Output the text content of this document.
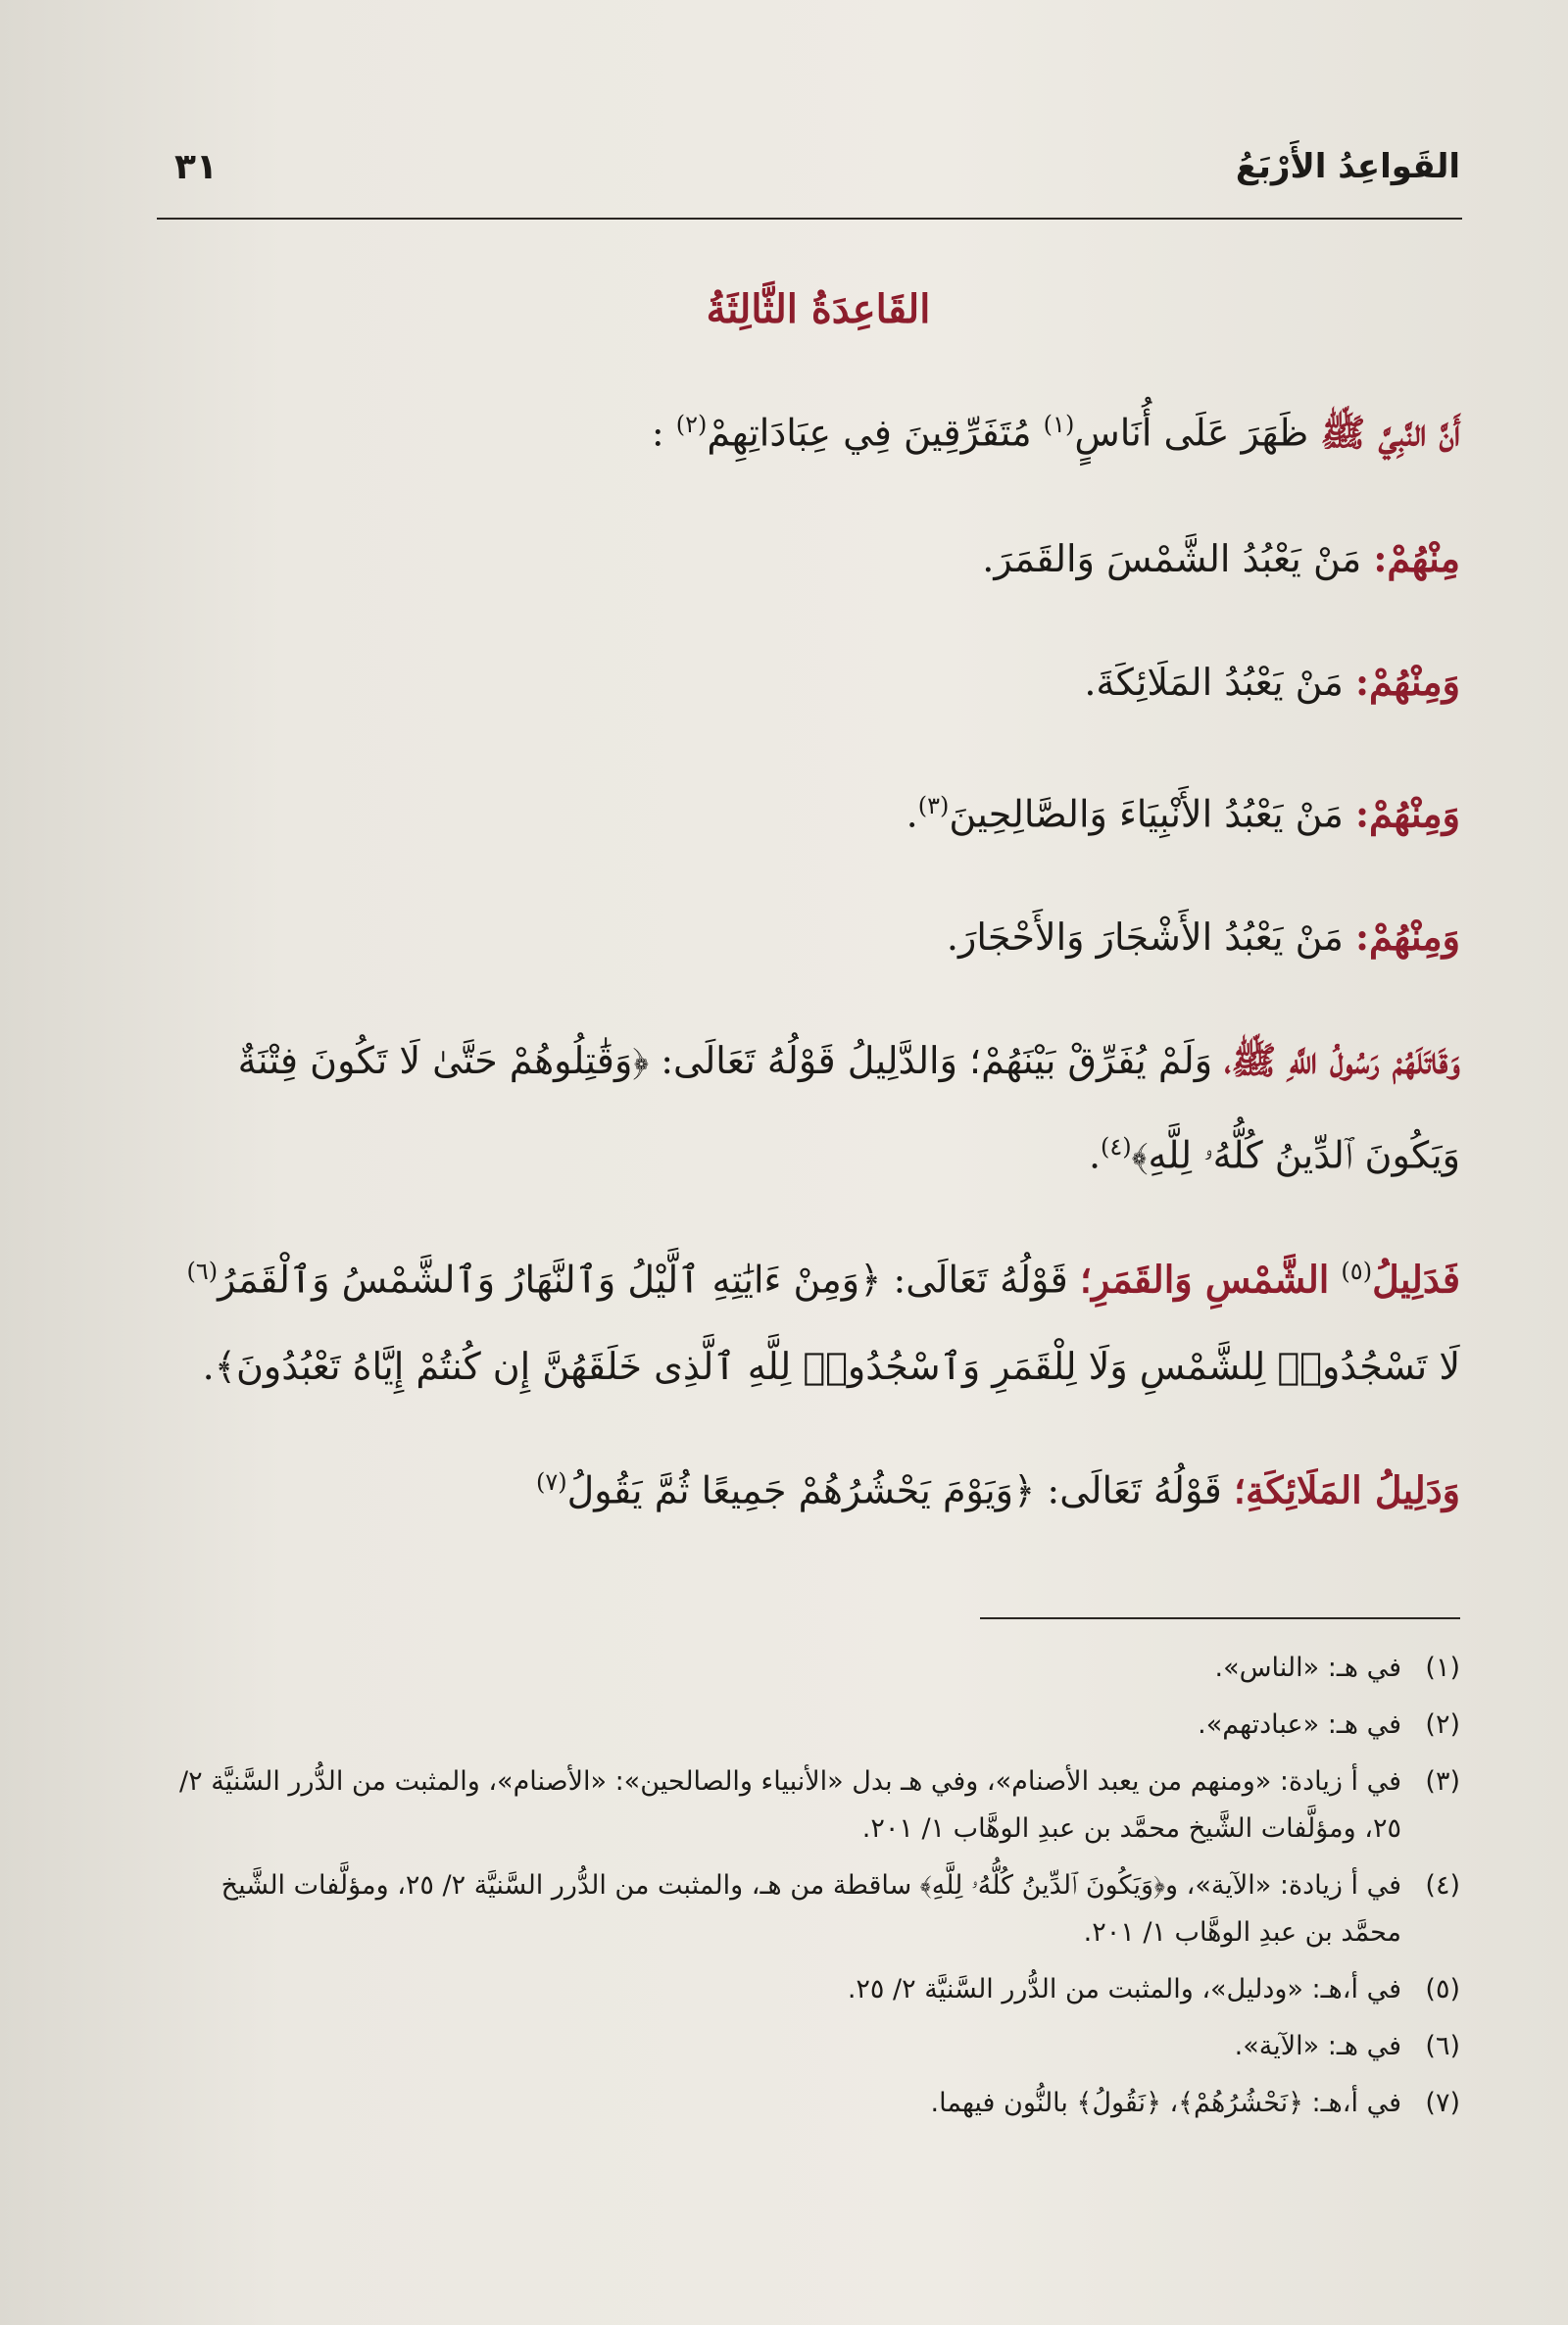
القَواعِدُ الأَرْبَعُ
٣١
القَاعِدَةُ الثَّالِثَةُ

أَنَّ النَّبِيَّ ﷺ ظَهَرَ عَلَى أُنَاسٍ$^{(١)}$ مُتَفَرِّقِينَ فِي عِبَادَاتِهِمْ$^{(٢)}$ :

مِنْهُمْ: مَنْ يَعْبُدُ الشَّمْسَ وَالقَمَرَ.

وَمِنْهُمْ: مَنْ يَعْبُدُ المَلَائِكَةَ.

وَمِنْهُمْ: مَنْ يَعْبُدُ الأَنْبِيَاءَ وَالصَّالِحِينَ$^{(٣)}$.

وَمِنْهُمْ: مَنْ يَعْبُدُ الأَشْجَارَ وَالأَحْجَارَ.

وَقَاتَلَهُمْ رَسُولُ اللَّهِ ﷺ، وَلَمْ يُفَرِّقْ بَيْنَهُمْ؛ وَالدَّلِيلُ قَوْلُهُ تَعَالَى: ﴿وَقَٰتِلُوهُمْ حَتَّىٰ لَا تَكُونَ فِتْنَةٌ وَيَكُونَ ٱلدِّينُ كُلُّهُۥ لِلَّهِ﴾$^{(٤)}$.

فَدَلِيلُ$^{(٥)}$ الشَّمْسِ وَالقَمَرِ؛ قَوْلُهُ تَعَالَى: ﴿وَمِنْ ءَايَٰتِهِ ٱلَّيْلُ وَٱلنَّهَارُ وَٱلشَّمْسُ وَٱلْقَمَرُ$^{(٦)}$ لَا تَسْجُدُوا۟ لِلشَّمْسِ وَلَا لِلْقَمَرِ وَٱسْجُدُوا۟ لِلَّهِ ٱلَّذِى خَلَقَهُنَّ إِن كُنتُمْ إِيَّاهُ تَعْبُدُونَ﴾.

وَدَلِيلُ المَلَائِكَةِ؛ قَوْلُهُ تَعَالَى: ﴿وَيَوْمَ يَحْشُرُهُمْ جَمِيعًا ثُمَّ يَقُولُ$^{(٧)}$

(١)
في هـ: «الناس».
(٢)
في هـ: «عبادتهم».
(٣)
في أ زيادة: «ومنهم من يعبد الأصنام»، وفي هـ بدل «الأنبياء والصالحين»: «الأصنام»، والمثبت من الدُّرر السَّنيَّة ٢/ ٢٥، ومؤلَّفات الشَّيخ محمَّد بن عبدِ الوهَّاب ١/ ٢٠١.
(٤)
في أ زيادة: «الآية»، و﴿وَيَكُونَ ٱلدِّينُ كُلُّهُۥ لِلَّهِ﴾ ساقطة من هـ، والمثبت من الدُّرر السَّنيَّة ٢/ ٢٥، ومؤلَّفات الشَّيخ محمَّد بن عبدِ الوهَّاب ١/ ٢٠١.
(٥)
في أ،هـ: «ودليل»، والمثبت من الدُّرر السَّنيَّة ٢/ ٢٥.
(٦)
في هـ: «الآية».
(٧)
في أ،هـ: ﴿نَحْشُرُهُمْ﴾، ﴿نَقُولُ﴾ بالنُّون فيهما.
